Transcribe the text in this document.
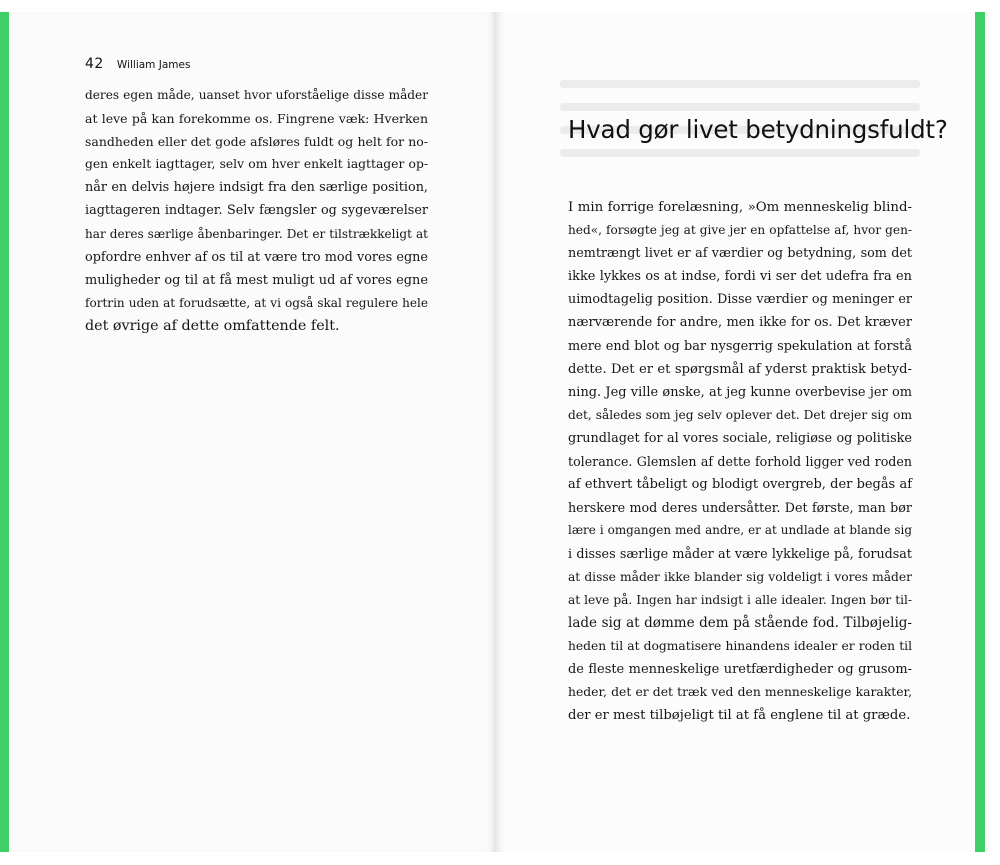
42 William James
deres egen måde, uanset hvor uforståelige disse måder
at leve på kan forekomme os. Fingrene væk: Hverken
sandheden eller det gode afsløres fuldt og helt for no-
gen enkelt iagttager, selv om hver enkelt iagttager op-
når en delvis højere indsigt fra den særlige position,
iagttageren indtager. Selv fængsler og sygeværelser
har deres særlige åbenbaringer. Det er tilstrækkeligt at
opfordre enhver af os til at være tro mod vores egne
muligheder og til at få mest muligt ud af vores egne
fortrin uden at forudsætte, at vi også skal regulere hele
det øvrige af dette omfattende felt.
Hvad gør livet betydningsfuldt?
I min forrige forelæsning, »Om menneskelig blind-
hed«, forsøgte jeg at give jer en opfattelse af, hvor gen-
nemtrængt livet er af værdier og betydning, som det
ikke lykkes os at indse, fordi vi ser det udefra fra en
uimodtagelig position. Disse værdier og meninger er
nærværende for andre, men ikke for os. Det kræver
mere end blot og bar nysgerrig spekulation at forstå
dette. Det er et spørgsmål af yderst praktisk betyd-
ning. Jeg ville ønske, at jeg kunne overbevise jer om
det, således som jeg selv oplever det. Det drejer sig om
grundlaget for al vores sociale, religiøse og politiske
tolerance. Glemslen af dette forhold ligger ved roden
af ethvert tåbeligt og blodigt overgreb, der begås af
herskere mod deres undersåtter. Det første, man bør
lære i omgangen med andre, er at undlade at blande sig
i disses særlige måder at være lykkelige på, forudsat
at disse måder ikke blander sig voldeligt i vores måder
at leve på. Ingen har indsigt i alle idealer. Ingen bør til-
lade sig at dømme dem på stående fod. Tilbøjelig-
heden til at dogmatisere hinandens idealer er roden til
de fleste menneskelige uretfærdigheder og grusom-
heder, det er det træk ved den menneskelige karakter,
der er mest tilbøjeligt til at få englene til at græde.
